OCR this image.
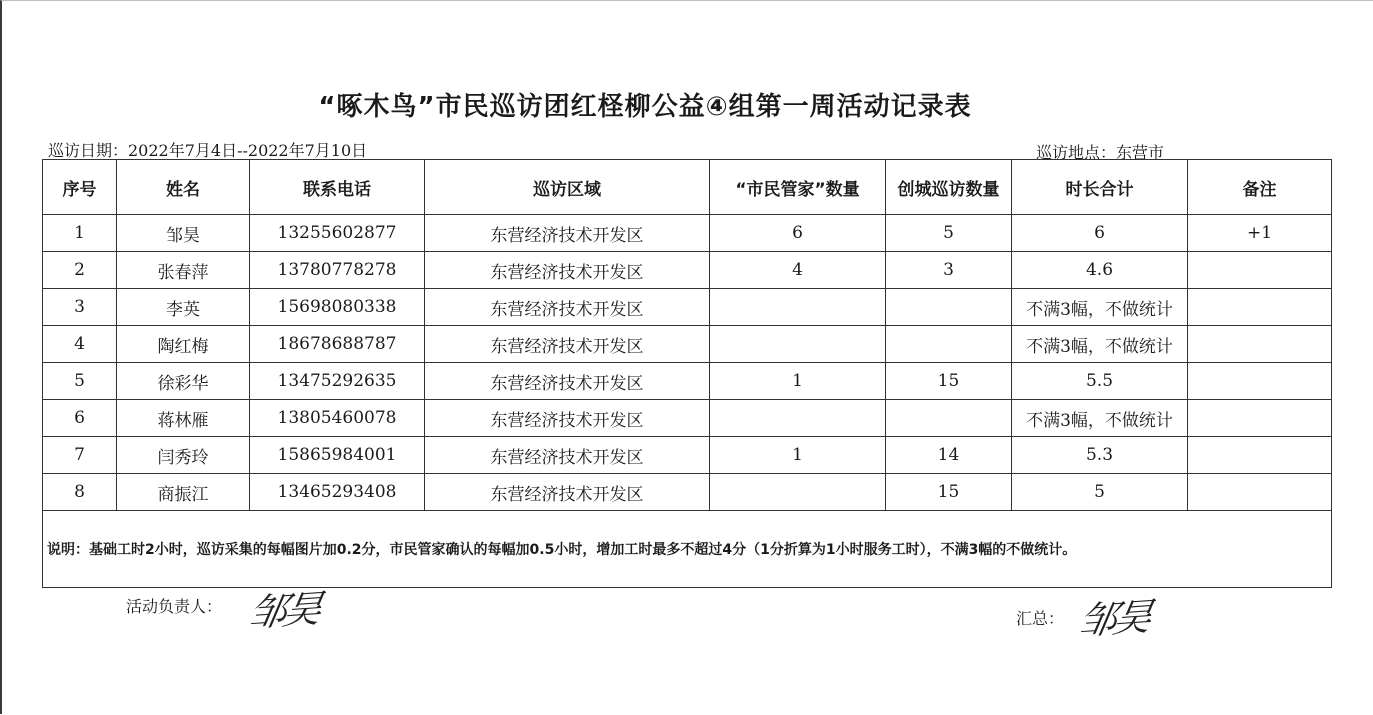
“啄木鸟”市民巡访团红柽柳公益④组第一周活动记录表
巡访日期：2022年7月4日--2022年7月10日	巡访地点：东营市
序号	姓名	联系电话	巡访区域	“市民管家”数量	创城巡访数量	时长合计	备注
1	邹昊	13255602877	东营经济技术开发区	6	5	6	+1
2	张春萍	13780778278	东营经济技术开发区	4	3	4.6	
3	李英	15698080338	东营经济技术开发区			不满3幅，不做统计	
4	陶红梅	18678688787	东营经济技术开发区			不满3幅，不做统计	
5	徐彩华	13475292635	东营经济技术开发区	1	15	5.5	
6	蒋林雁	13805460078	东营经济技术开发区			不满3幅，不做统计	
7	闫秀玲	15865984001	东营经济技术开发区	1	14	5.3	
8	商振江	13465293408	东营经济技术开发区		15	5	
说明：基础工时2小时，巡访采集的每幅图片加0.2分，市民管家确认的每幅加0.5小时，增加工时最多不超过4分（1分折算为1小时服务工时），不满3幅的不做统计。							
活动负责人： 邹昊	汇总： 邹昊
